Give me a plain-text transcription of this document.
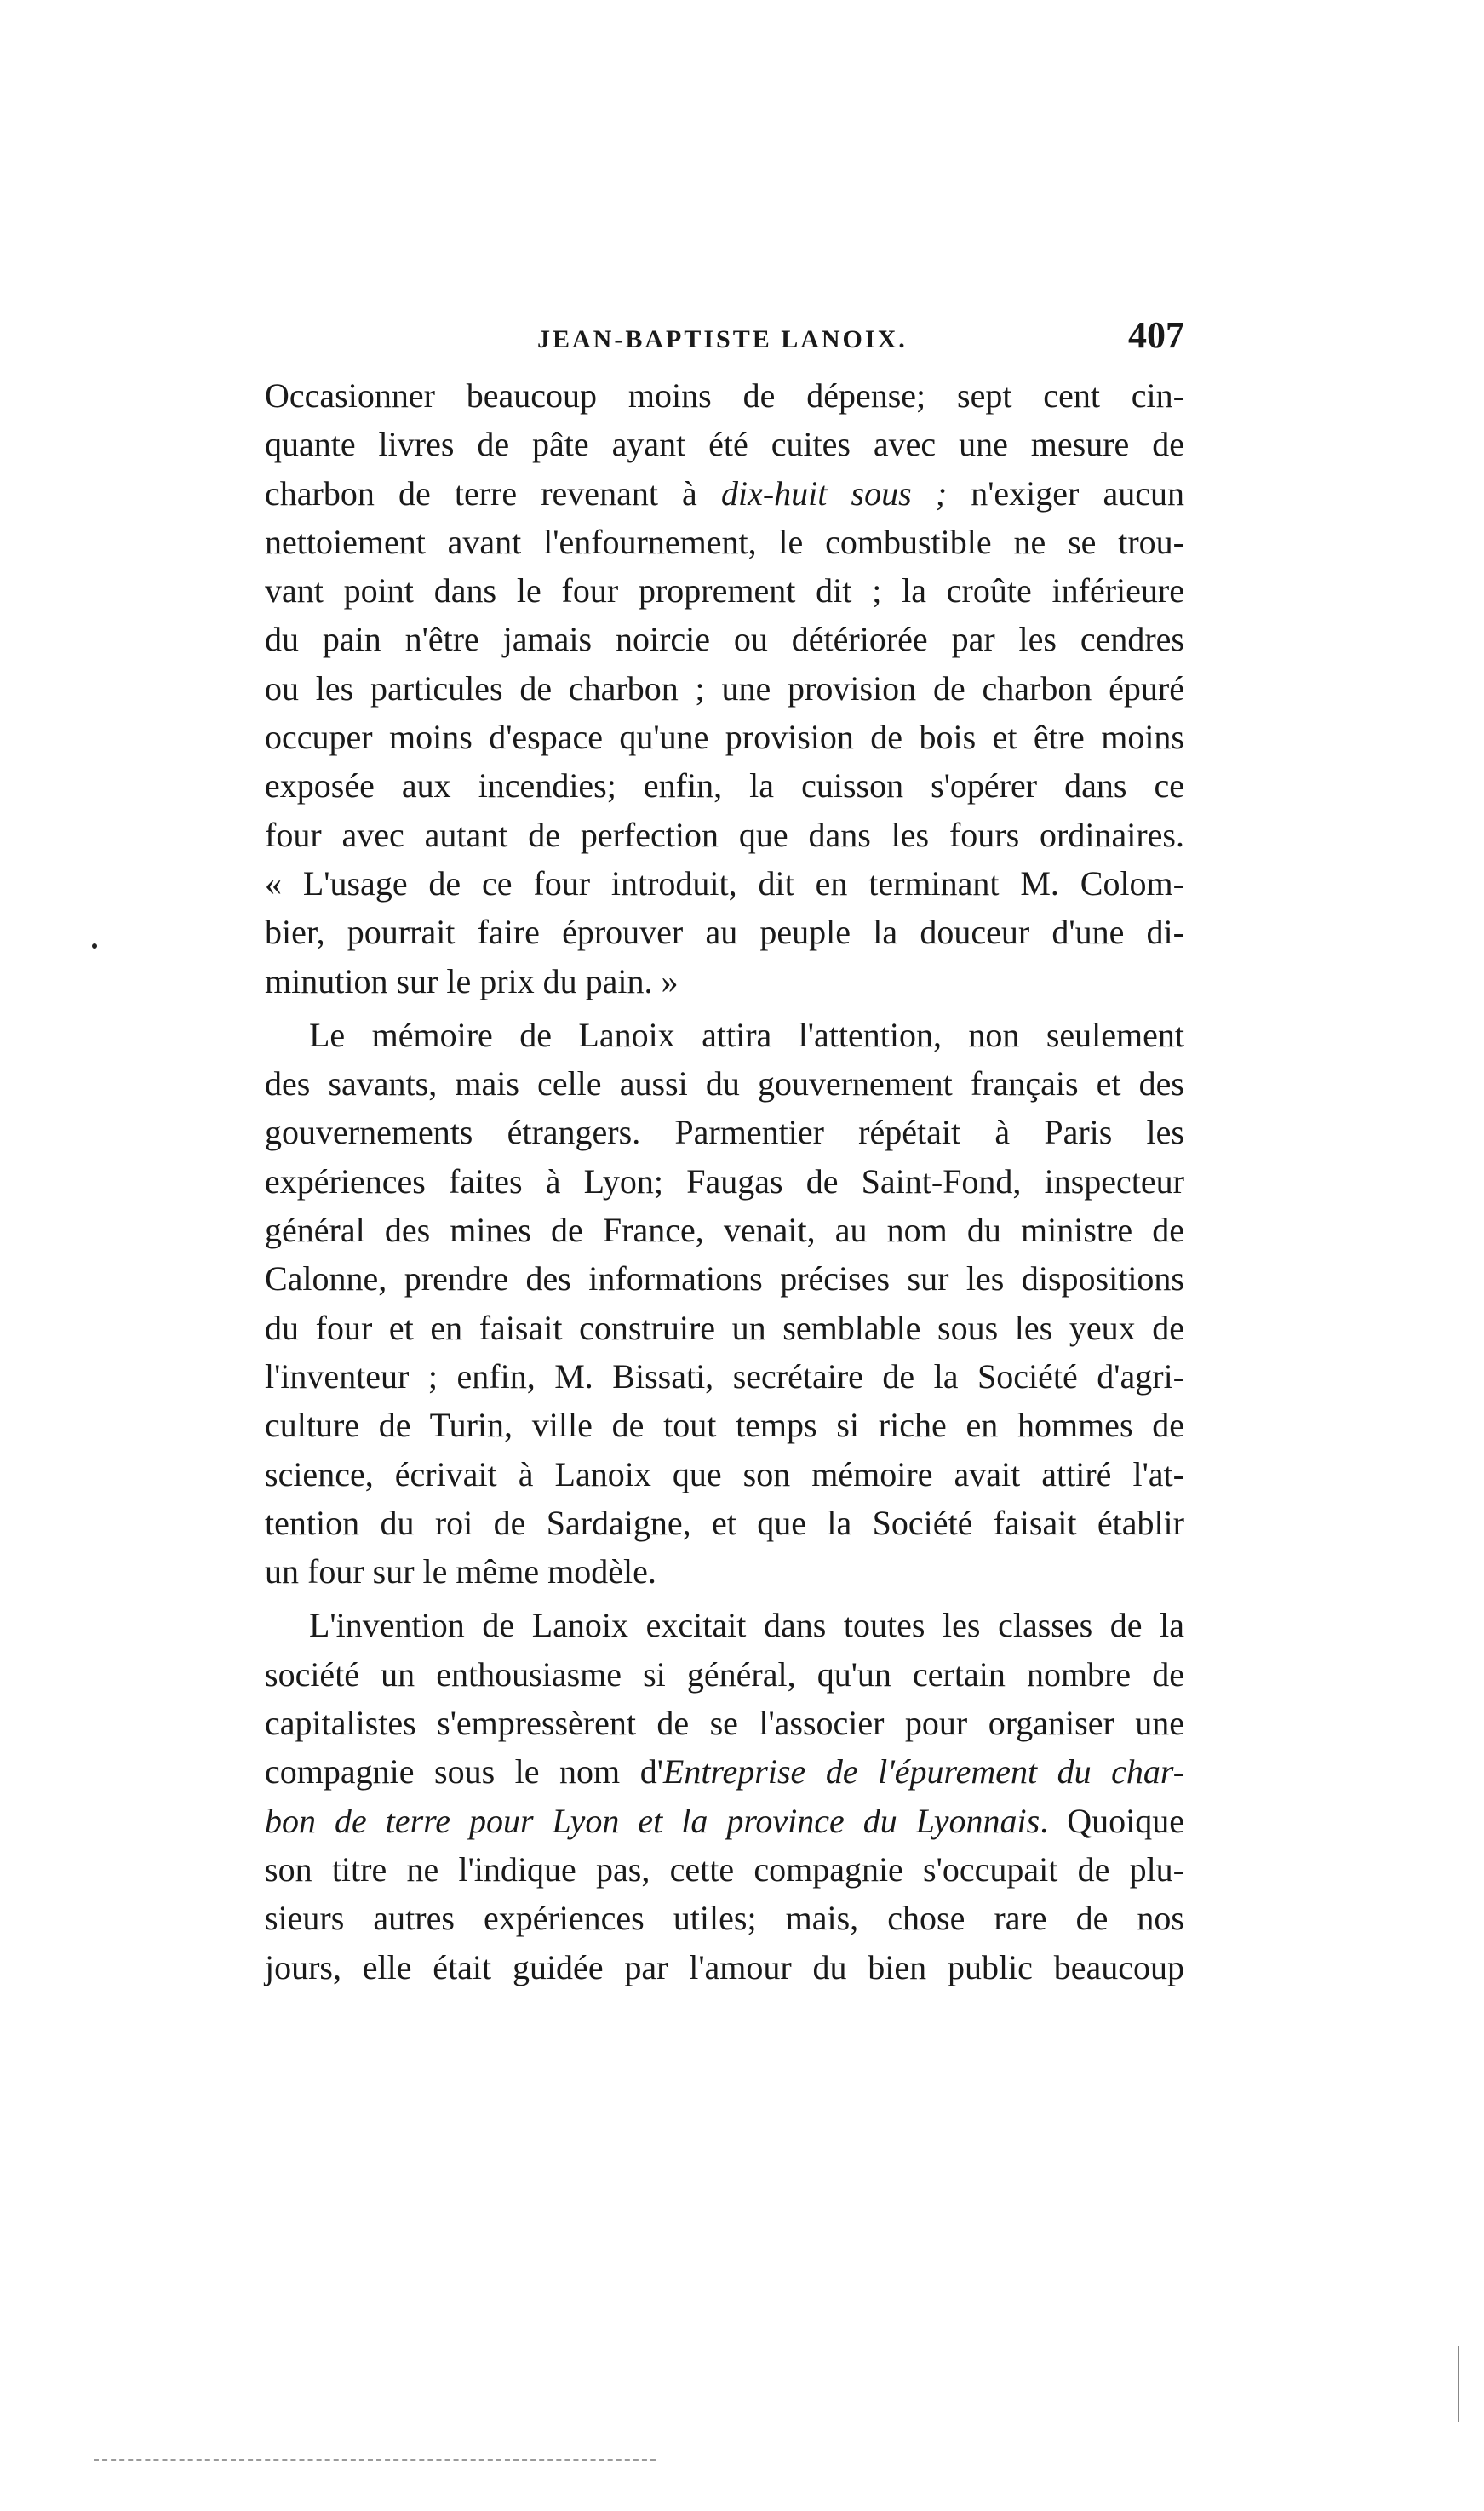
JEAN-BAPTISTE LANOIX.	407
Occasionner beaucoup moins de dépense; sept cent cin-
quante livres de pâte ayant été cuites avec une mesure de
charbon de terre revenant à dix-huit sous ; n'exiger aucun
nettoiement avant l'enfournement, le combustible ne se trou-
vant point dans le four proprement dit ; la croûte inférieure
du pain n'être jamais noircie ou détériorée par les cendres
ou les particules de charbon ; une provision de charbon épuré
occuper moins d'espace qu'une provision de bois et être moins
exposée aux incendies; enfin, la cuisson s'opérer dans ce
four avec autant de perfection que dans les fours ordinaires.
« L'usage de ce four introduit, dit en terminant M. Colom-
bier, pourrait faire éprouver au peuple la douceur d'une di-
minution sur le prix du pain. »
Le mémoire de Lanoix attira l'attention, non seulement
des savants, mais celle aussi du gouvernement français et des
gouvernements étrangers. Parmentier répétait à Paris les
expériences faites à Lyon; Faugas de Saint-Fond, inspecteur
général des mines de France, venait, au nom du ministre de
Calonne, prendre des informations précises sur les dispositions
du four et en faisait construire un semblable sous les yeux de
l'inventeur ; enfin, M. Bissati, secrétaire de la Société d'agri-
culture de Turin, ville de tout temps si riche en hommes de
science, écrivait à Lanoix que son mémoire avait attiré l'at-
tention du roi de Sardaigne, et que la Société faisait établir
un four sur le même modèle.
L'invention de Lanoix excitait dans toutes les classes de la
société un enthousiasme si général, qu'un certain nombre de
capitalistes s'empressèrent de se l'associer pour organiser une
compagnie sous le nom d'Entreprise de l'épurement du char-
bon de terre pour Lyon et la province du Lyonnais. Quoique
son titre ne l'indique pas, cette compagnie s'occupait de plu-
sieurs autres expériences utiles; mais, chose rare de nos
jours, elle était guidée par l'amour du bien public beaucoup
